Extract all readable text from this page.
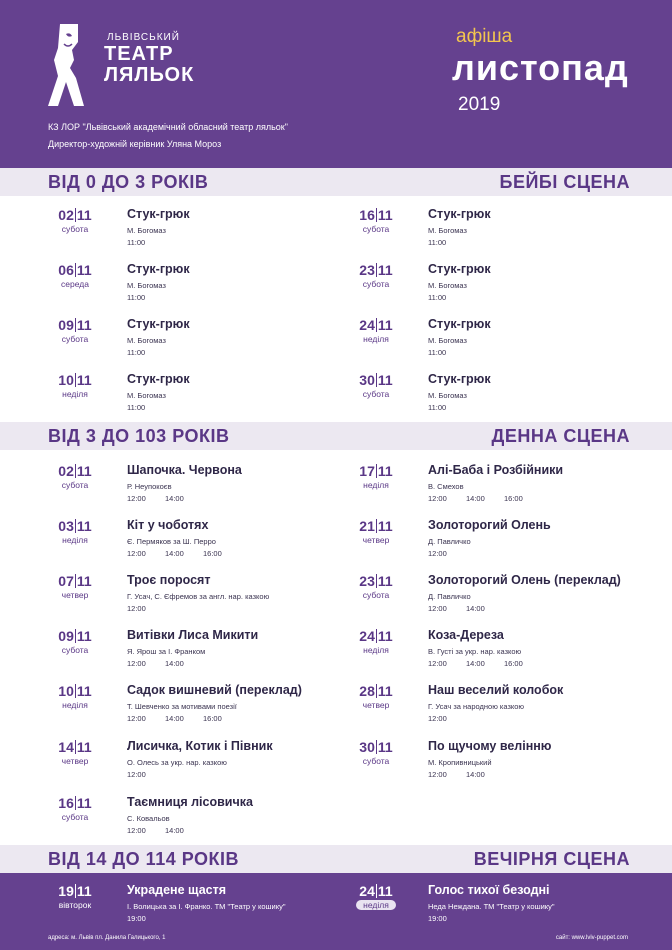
ЛЬВІВСЬКИЙ
ТЕАТР
ЛЯЛЬОК
КЗ ЛОР "Львівський академічний обласний театр ляльок"
Директор-художній керівник Уляна Мороз
афіша
листопад
2019
ВІД 0 ДО 3 РОКІВ	БЕЙБІ СЦЕНА
ВІД 3 ДО 103 РОКІВ	ДЕННА СЦЕНА
ВІД 14 ДО 114 РОКІВ	ВЕЧІРНЯ СЦЕНА
02 11
субота
Стук-грюк
М. Богомаз
11:00
06 11
середа
Стук-грюк
М. Богомаз
11:00
09 11
субота
Стук-грюк
М. Богомаз
11:00
10 11
неділя
Стук-грюк
М. Богомаз
11:00
16 11
субота
Стук-грюк
М. Богомаз
11:00
23 11
субота
Стук-грюк
М. Богомаз
11:00
24 11
неділя
Стук-грюк
М. Богомаз
11:00
30 11
субота
Стук-грюк
М. Богомаз
11:00
02 11
субота
Шапочка. Червона
Р. Неупокоєв
12:00	14:00
03 11
неділя
Кіт у чоботях
Є. Пермяков за Ш. Перро
12:00	14:00	16:00
07 11
четвер
Троє поросят
Г. Усач, С. Єфремов за англ. нар. казкою
12:00
09 11
субота
Витівки Лиса Микити
Я. Ярош за І. Франком
12:00	14:00
10 11
неділя
Садок вишневий (переклад)
Т. Шевченко за мотивами поезії
12:00	14:00	16:00
14 11
четвер
Лисичка, Котик і Півник
О. Олесь за укр. нар. казкою
12:00
16 11
субота
Таємниця лісовичка
С. Ковальов
12:00	14:00
17 11
неділя
Алі-Баба і Розбійники
В. Смехов
12:00	14:00	16:00
21 11
четвер
Золоторогий Олень
Д. Павличко
12:00
23 11
субота
Золоторогий Олень (переклад)
Д. Павличко
12:00	14:00
24 11
неділя
Коза-Дереза
В. Густі за укр. нар. казкою
12:00	14:00	16:00
28 11
четвер
Наш веселий колобок
Г. Усач за народною казкою
12:00
30 11
субота
По щучому велінню
М. Кропивницький
12:00	14:00
19 11
вівторок
Украдене щастя
І. Волицька за І. Франко. ТМ "Театр у кошику"
19:00
24 11
неділя
Голос тихої безодні
Неда Нежданa. ТМ "Театр у кошику"
19:00
адреса: м. Львів пл. Данила Галицького, 1	сайт: www.lviv-puppet.com
